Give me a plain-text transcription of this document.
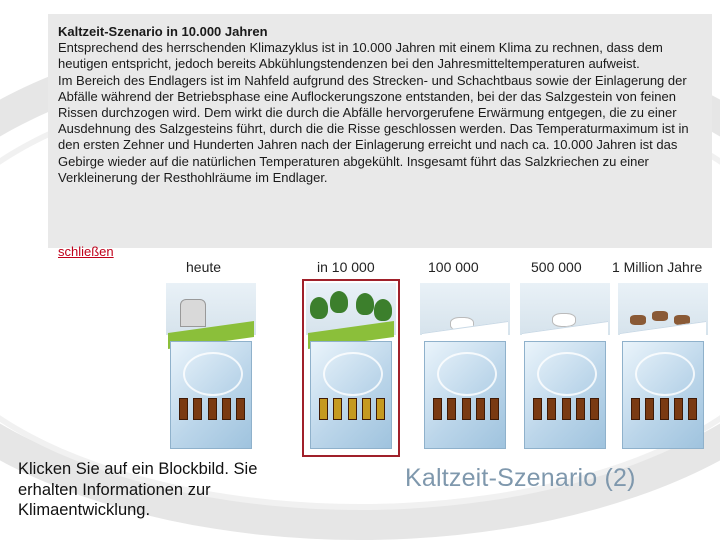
heute	in 10 000	100 000	500 000 1 Million Jahre
Kaltzeit-Szenario in 10.000 Jahren

Entsprechend des herrschenden Klimazyklus ist in 10.000 Jahren mit einem Klima zu rechnen, dass dem heutigen entspricht, jedoch bereits Abkühlungstendenzen bei den Jahresmitteltemperaturen aufweist.

Im Bereich des Endlagers ist im Nahfeld aufgrund des Strecken- und Schachtbaus sowie der Einlagerung der Abfälle während der Betriebsphase eine Auflockerungszone entstanden, bei der das Salzgestein von feinen Rissen durchzogen wird. Dem wirkt die durch die Abfälle hervorgerufene Erwärmung entgegen, die zu einer Ausdehnung des Salzgesteins führt, durch die die Risse geschlossen werden. Das Temperaturmaximum ist in den ersten Zehner und Hunderten Jahren nach der Einlagerung erreicht und nach ca. 10.000 Jahren ist das Gebirge wieder auf die natürlichen Temperaturen abgekühlt. Insgesamt führt das Salzkriechen zu einer Verkleinerung der Resthohlräume im Endlager.

schließen
Klicken Sie auf ein Blockbild. Sie erhalten Informationen zur Klimaentwicklung.
Kaltzeit-Szenario (2)
